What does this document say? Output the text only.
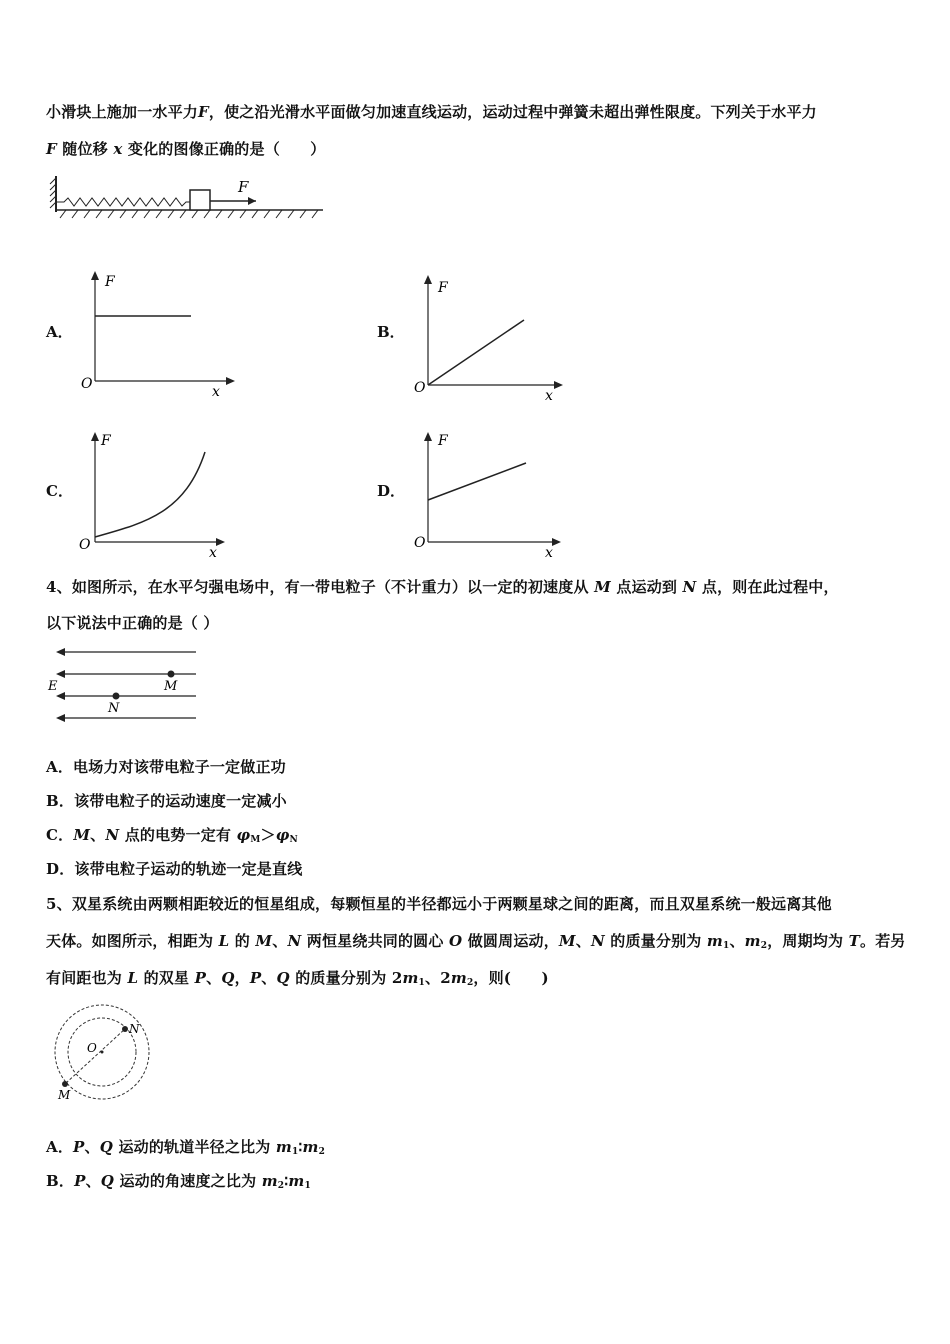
小滑块上施加一水平力F，使之沿光滑水平面做匀加速直线运动，运动过程中弹簧未超出弹性限度。下列关于水平力
F 随位移 x 变化的图像正确的是（　　）
F
A．
F
O	x
B．
F
O	x
C．
F
O	x
D．
F
O
x
4、如图所示，在水平匀强电场中，有一带电粒子（不计重力）以一定的初速度从 M 点运动到 N 点，则在此过程中，
以下说法中正确的是（ ）
E	M
N
A．电场力对该带电粒子一定做正功
B．该带电粒子的运动速度一定减小
C．M、N 点的电势一定有 $\varphi_M>\varphi_N$
D．该带电粒子运动的轨迹一定是直线
5、双星系统由两颗相距较近的恒星组成，每颗恒星的半径都远小于两颗星球之间的距离，而且双星系统一般远离其他
天体。如图所示，相距为 L 的 M、N 两恒星绕共同的圆心 O 做圆周运动，M、N 的质量分别为 $m_1$、$m_2$，周期均为 T。若另
有间距也为 L 的双星 P、Q，P、Q 的质量分别为 $2m_1$、$2m_2$，则(　　)
O
N
M
A．P、Q 运动的轨道半径之比为 $m_1∶m_2$
B．P、Q 运动的角速度之比为 $m_2∶m_1$
